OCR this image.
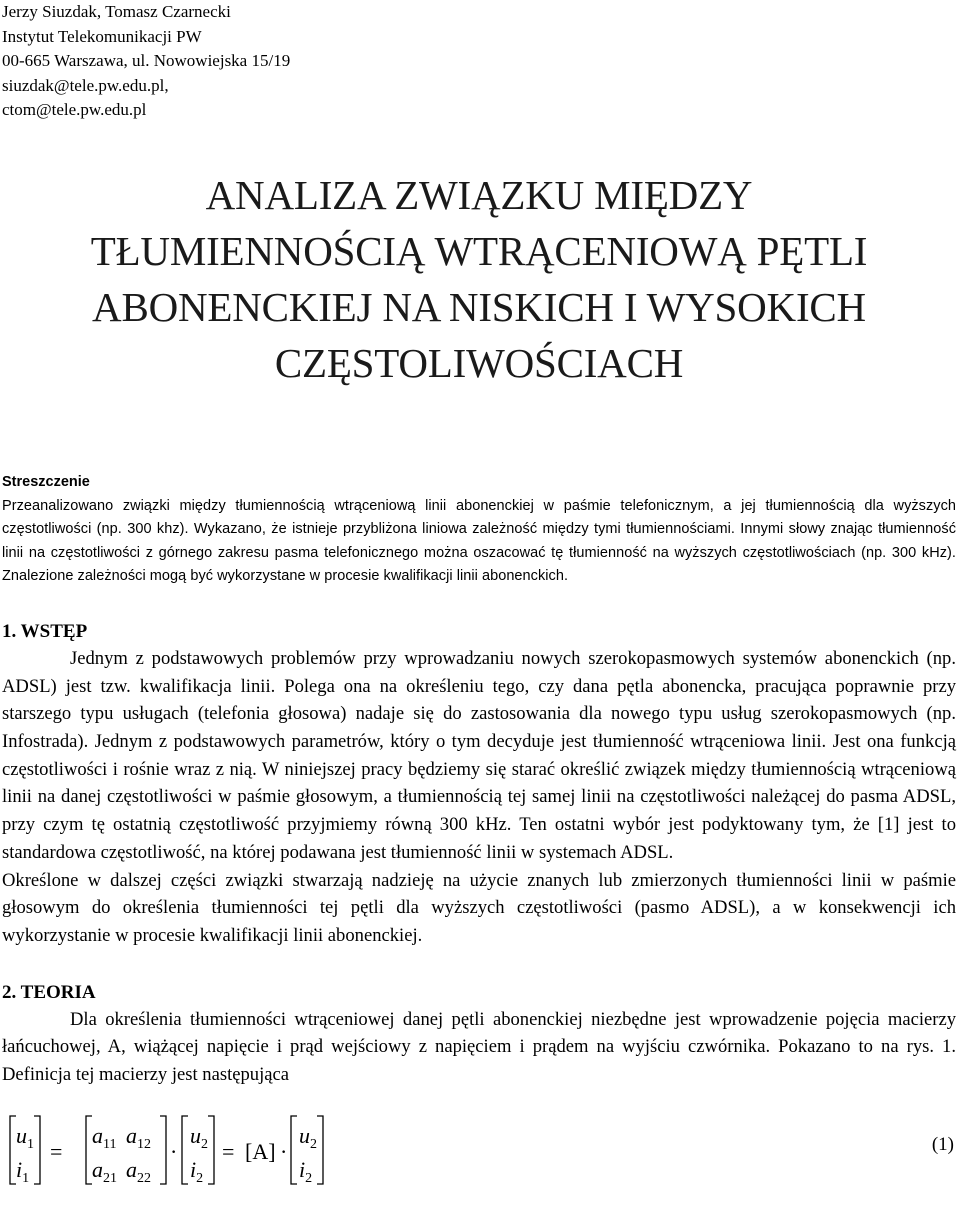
Jerzy Siuzdak, Tomasz Czarnecki
Instytut Telekomunikacji PW
00-665 Warszawa, ul. Nowowiejska 15/19
siuzdak@tele.pw.edu.pl,
ctom@tele.pw.edu.pl
ANALIZA ZWIĄZKU MIĘDZY
TŁUMIENNOŚCIĄ WTRĄCENIOWĄ PĘTLI
ABONENCKIEJ NA NISKICH I WYSOKICH
CZĘSTOLIWOŚCIACH
Streszczenie

Przeanalizowano związki między tłumiennością wtrąceniową linii abonenckiej w paśmie telefonicznym, a jej tłumiennością dla wyższych częstotliwości (np. 300 khz). Wykazano, że istnieje przybliżona liniowa zależność między tymi tłumiennościami. Innymi słowy znając tłumienność linii na częstotliwości z górnego zakresu pasma telefonicznego można oszacować tę tłumienność na wyższych częstotliwościach (np. 300 kHz). Znalezione zależności mogą być wykorzystane w procesie kwalifikacji linii abonenckich.

1. WSTĘP

Jednym z podstawowych problemów przy wprowadzaniu nowych szerokopasmowych systemów abonenckich (np. ADSL) jest tzw. kwalifikacja linii. Polega ona na określeniu tego, czy dana pętla abonencka, pracująca poprawnie przy starszego typu usługach (telefonia głosowa) nadaje się do zastosowania dla nowego typu usług szerokopasmowych (np. Infostrada). Jednym z podstawowych parametrów, który o tym decyduje jest tłumienność wtrąceniowa linii. Jest ona funkcją częstotliwości i rośnie wraz z nią. W niniejszej pracy będziemy się starać określić związek między tłumiennością wtrąceniową linii na danej częstotliwości w paśmie głosowym, a tłumiennością tej samej linii na częstotliwości należącej do pasma ADSL, przy czym tę ostatnią częstotliwość przyjmiemy równą 300 kHz. Ten ostatni wybór jest podyktowany tym, że [1] jest to standardowa częstotliwość, na której podawana jest tłumienność linii w systemach ADSL.

Określone w dalszej części związki stwarzają nadzieję na użycie znanych lub zmierzonych tłumienności linii w paśmie głosowym do określenia tłumienności tej pętli dla wyższych częstotliwości (pasmo ADSL), a w konsekwencji ich wykorzystanie w procesie kwalifikacji linii abonenckiej.

2. TEORIA

Dla określenia tłumienności wtrąceniowej danej pętli abonenckiej niezbędne jest wprowadzenie pojęcia macierzy łańcuchowej, A, wiążącej napięcie i prąd wejściowy z napięciem i prądem na wyjściu czwórnika. Pokazano to na rys. 1. Definicja tej macierzy jest następująca

$u_1$
$i_1$
=
$a_{11}$ $a_{12}$
$a_{21}$ $a_{22}$
·
$u_2$
$i_2$
= [A] ·
$u_2$
$i_2$
(1)
